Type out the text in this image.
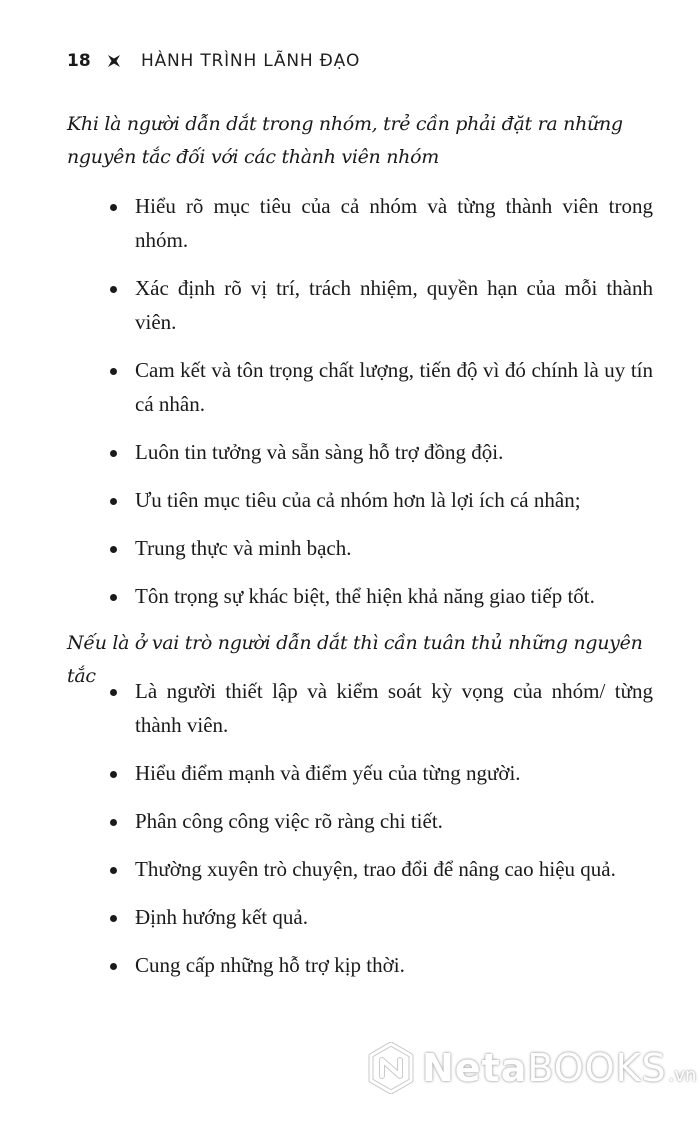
18	HÀNH TRÌNH LÃNH ĐẠO
Khi là người dẫn dắt trong nhóm, trẻ cần phải đặt ra những nguyên tắc đối với các thành viên nhóm
Hiểu rõ mục tiêu của cả nhóm và từng thành viên trong nhóm.
Xác định rõ vị trí, trách nhiệm, quyền hạn của mỗi thành viên.
Cam kết và tôn trọng chất lượng, tiến độ vì đó chính là uy tín cá nhân.
Luôn tin tưởng và sẵn sàng hỗ trợ đồng đội.
Ưu tiên mục tiêu của cả nhóm hơn là lợi ích cá nhân;
Trung thực và minh bạch.
Tôn trọng sự khác biệt, thể hiện khả năng giao tiếp tốt.
Nếu là ở vai trò người dẫn dắt thì cần tuân thủ những nguyên tắc
Là người thiết lập và kiểm soát kỳ vọng của nhóm/ từng thành viên.
Hiểu điểm mạnh và điểm yếu của từng người.
Phân công công việc rõ ràng chi tiết.
Thường xuyên trò chuyện, trao đổi để nâng cao hiệu quả.
Định hướng kết quả.
Cung cấp những hỗ trợ kịp thời.
NetaBOOKS .vn
